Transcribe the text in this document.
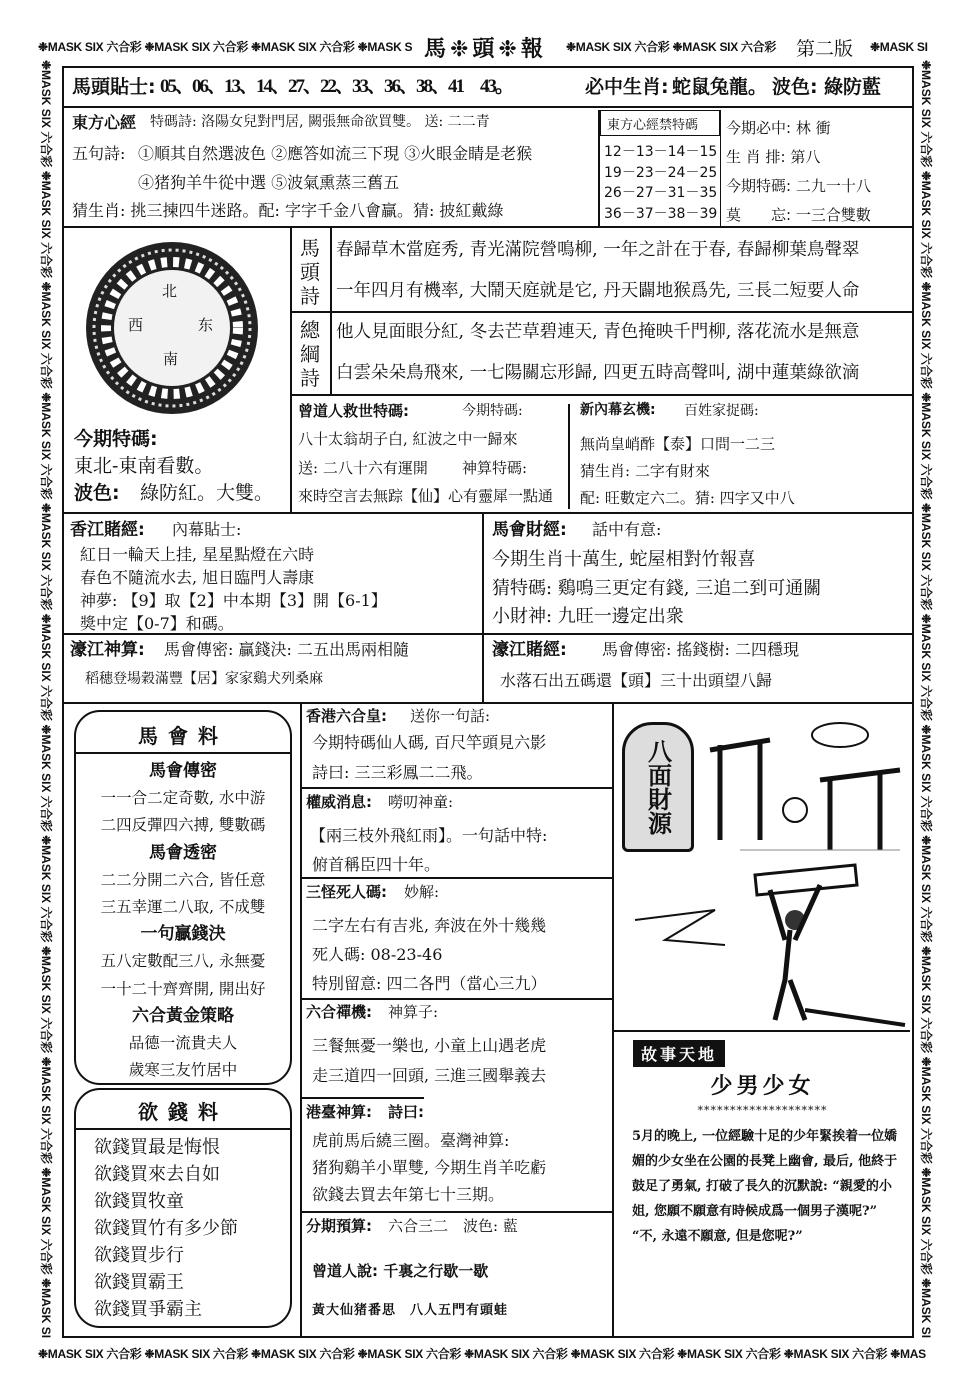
❉MASK SIX 六合彩 ❉MASK SIX 六合彩 ❉MASK SIX 六合彩 ❉MASK S 馬❉頭❉報	❉MASK SIX 六合彩 ❉MASK SIX 六合彩	第二版	❉MASK SI
❉MASK SIX 六合彩 ❉MASK SIX 六合彩 ❉MASK SIX 六合彩 ❉MASK SIX 六合彩 ❉MASK SIX 六合彩 ❉MASK SIX 六合彩 ❉MASK SIX 六合彩 ❉MASK SIX 六合彩 ❉MASK SIX 六合彩 ❉MASK SIX 六合彩 ❉MASK SIX 六合彩 ❉MASK SI	❉MASK SIX 六合彩 ❉MASK SIX 六合彩 ❉MASK SIX 六合彩 ❉MASK SIX 六合彩 ❉MASK SIX 六合彩 ❉MASK SIX 六合彩 ❉MASK SIX 六合彩 ❉MASK SIX 六合彩 ❉MASK SIX 六合彩 ❉MASK SIX 六合彩 ❉MASK SIX 六合彩 ❉MASK SI
❉MASK SIX 六合彩 ❉MASK SIX 六合彩 ❉MASK SIX 六合彩 ❉MASK SIX 六合彩 ❉MASK SIX 六合彩 ❉MASK SIX 六合彩 ❉MASK SIX 六合彩 ❉MASK SIX 六合彩 ❉MAS
馬頭貼士: 05、06、13、14、27、22、33、36、38、41　43。	必中生肖: 蛇鼠兔龍。 波色: 綠防藍
東方心經 特碼詩: 洛陽女兒對門居, 闕張無命欲買雙。 送: 二二青
五句詩: ①順其自然選波色 ②應答如流三下現 ③火眼金睛是老猴
④猪狗羊牛從中選 ⑤波氣熏蒸三舊五
猜生肖: 挑三揀四牛迷路。配: 字字千金八會贏。猜: 披紅戴綠
東方心經禁特碼
12－13－14－15
19－23－24－25
26－27－31－35
36－37－38－39
今期必中: 林 衝
生 肖 排: 第八
今期特碼: 二九一十八
莫　　忘: 一三合雙數
北
西	东
南
今期特碼:
東北-東南看數。
波色: 綠防紅。大雙。
馬頭詩
春歸草木當庭秀, 青光滿院營鳴柳, 一年之計在于春, 春歸柳葉鳥聲翠
一年四月有機率, 大鬧天庭就是它, 丹天闢地猴爲先, 三長二短要人命
總綱詩
他人見面眼分紅, 冬去芒草碧連天, 青色掩映千門柳, 落花流水是無意
白雲朵朵鳥飛來, 一七陽關忘形歸, 四更五時高聲叫, 湖中蓮葉綠欲滴
曾道人救世特碼:	今期特碼:
八十太翁胡子白, 紅波之中一歸來
送: 二八十六有運開 神算特碼:
來時空言去無踪【仙】心有靈犀一點通
新內幕玄機: 百姓家捉碼:
無尚皇峭酢【泰】口問一二三
猜生肖: 二字有財來
配: 旺數定六二。猜: 四字又中八
香江賭經: 內幕貼士:
紅日一輪天上挂, 星星點燈在六時
春色不隨流水去, 旭日臨門人壽康
神夢: 【9】取【2】中本期【3】開【6-1】
獎中定【0-7】和碼。
馬會財經: 話中有意:
今期生肖十萬生, 蛇屋相對竹報喜
猜特碼: 鷄鳴三更定有錢, 三追二到可通關
小財神: 九旺一邊定出衆
濠江神算: 馬會傳密: 贏錢決: 二五出馬兩相隨
稻穗登場穀滿豐【居】家家鷄犬列桑麻
濠江賭經: 馬會傳密: 搖錢樹: 二四穩現
水落石出五碼還【頭】三十出頭望八歸
馬會料
馬會傳密
一一合二定奇數, 水中游
二四反彈四六搏, 雙數碼
馬會透密
二二分開二六合, 皆任意
三五幸運二八取, 不成雙
一句贏錢決
五八定數配三八, 永無憂
一十二十齊齊開, 開出好
六合黃金策略
品德一流貴夫人
歲寒三友竹居中
欲錢料
欲錢買最是悔恨
欲錢買來去自如
欲錢買牧童
欲錢買竹有多少節
欲錢買步行
欲錢買霸王
欲錢買爭霸主
香港六合皇: 送你一句話:
今期特碼仙人碼, 百尺竿頭見六影
詩曰: 三三彩鳳二二飛。
權威消息: 嘮叨神童:
【兩三枝外飛紅雨】。一句話中特:
俯首稱臣四十年。
三怪死人碼: 妙解:
二字左右有吉兆, 奔波在外十幾幾
死人碼: 08-23-46
特別留意: 四二各門（當心三九）
六合禪機: 神算子:
三餐無憂一樂也, 小童上山遇老虎
走三道四一回頭, 三進三國舉義去
港臺神算: 詩曰:
虎前馬后繞三圈。臺灣神算:
猪狗鷄羊小單雙, 今期生肖羊吃虧
欲錢去買去年第七十三期。
分期預算: 六合三二　波色: 藍
曾道人說: 千裏之行歇一歇
黃大仙猪番思　八人五門有頭蛙
八面財源
故事天地
少男少女
********************
5月的晚上, 一位經驗十足的少年緊挨着一位嬌媚的少女坐在公園的長凳上幽會, 最后, 他終于鼓足了勇氣, 打破了長久的沉默說: “親愛的小姐, 您願不願意有時候成爲一個男子漢呢?” “不, 永遠不願意, 但是您呢?”
